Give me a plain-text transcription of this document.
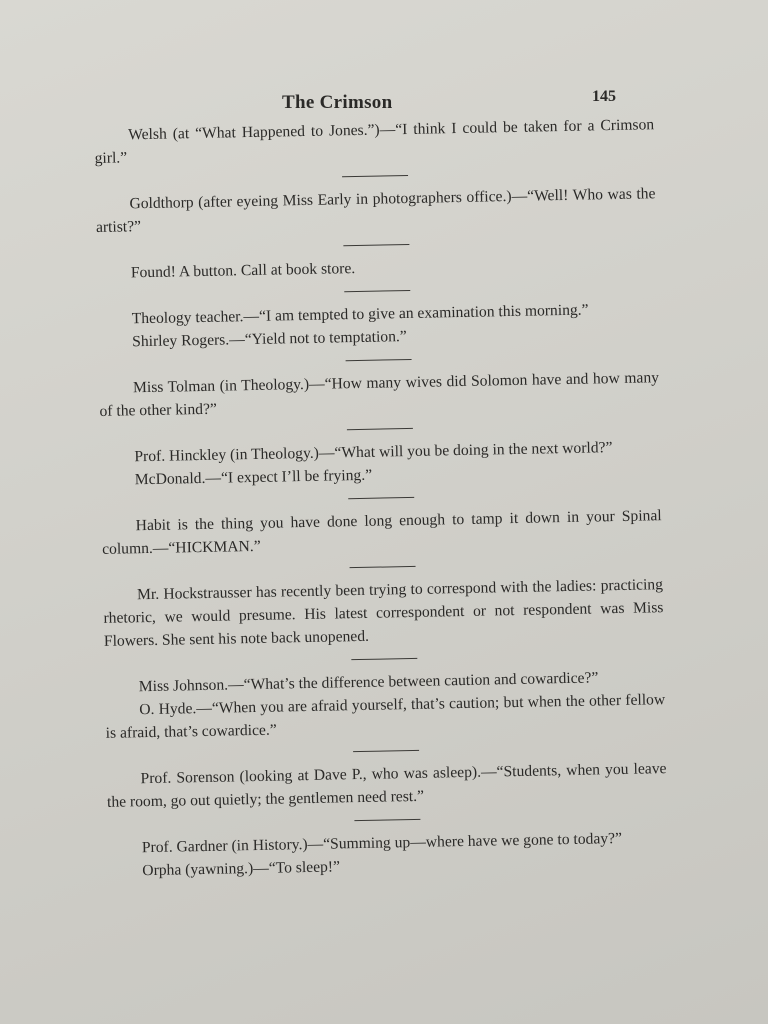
The Crimson	145

Welsh (at “What Happened to Jones.”)—“I think I could be taken for a Crimson girl.”

Goldthorp (after eyeing Miss Early in photographers office.)—“Well! Who was the artist?”

Found! A button. Call at book store.

Theology teacher.—“I am tempted to give an examination this morning.”

Shirley Rogers.—“Yield not to temptation.”

Miss Tolman (in Theology.)—“How many wives did Solomon have and how many of the other kind?”

Prof. Hinckley (in Theology.)—“What will you be doing in the next world?”

McDonald.—“I expect I’ll be frying.”

Habit is the thing you have done long enough to tamp it down in your Spinal column.—“HICKMAN.”

Mr. Hockstrausser has recently been trying to correspond with the ladies: practicing rhetoric, we would presume. His latest correspondent or not respondent was Miss Flowers. She sent his note back unopened.

Miss Johnson.—“What’s the difference between caution and cowardice?”

O. Hyde.—“When you are afraid yourself, that’s caution; but when the other fellow is afraid, that’s cowardice.”

Prof. Sorenson (looking at Dave P., who was asleep).—“Students, when you leave the room, go out quietly; the gentlemen need rest.”

Prof. Gardner (in History.)—“Summing up—where have we gone to today?”

Orpha (yawning.)—“To sleep!”
